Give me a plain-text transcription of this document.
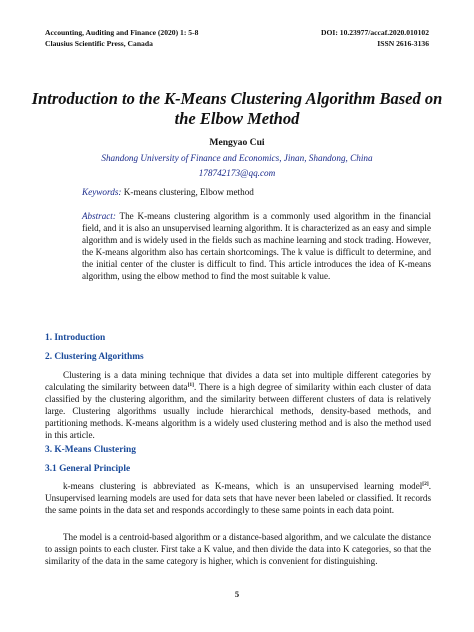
Accounting, Auditing and Finance (2020) 1: 5-8
Clausius Scientific Press, Canada
DOI: 10.23977/accaf.2020.010102
ISSN 2616-3136
Introduction to the K-Means Clustering Algorithm Based on the Elbow Method
Mengyao Cui
Shandong University of Finance and Economics, Jinan, Shandong, China
178742173@qq.com
Keywords: K-means clustering, Elbow method
Abstract: The K-means clustering algorithm is a commonly used algorithm in the financial field, and it is also an unsupervised learning algorithm. It is characterized as an easy and simple algorithm and is widely used in the fields such as machine learning and stock trading. However, the K-means algorithm also has certain shortcomings. The k value is difficult to determine, and the initial center of the cluster is difficult to find. This article introduces the idea of K-means algorithm, using the elbow method to find the most suitable k value.
1. Introduction
2. Clustering Algorithms
Clustering is a data mining technique that divides a data set into multiple different categories by calculating the similarity between data[1]. There is a high degree of similarity within each cluster of data classified by the clustering algorithm, and the similarity between different clusters of data is relatively large. Clustering algorithms usually include hierarchical methods, density-based methods, and partitioning methods. K-means algorithm is a widely used clustering method and is also the method used in this article.
3. K-Means Clustering
3.1 General Principle
k-means clustering is abbreviated as K-means, which is an unsupervised learning model[2]. Unsupervised learning models are used for data sets that have never been labeled or classified. It records the same points in the data set and responds accordingly to these same points in each data point.
The model is a centroid-based algorithm or a distance-based algorithm, and we calculate the distance to assign points to each cluster. First take a K value, and then divide the data into K categories, so that the similarity of the data in the same category is higher, which is convenient for distinguishing.
5
